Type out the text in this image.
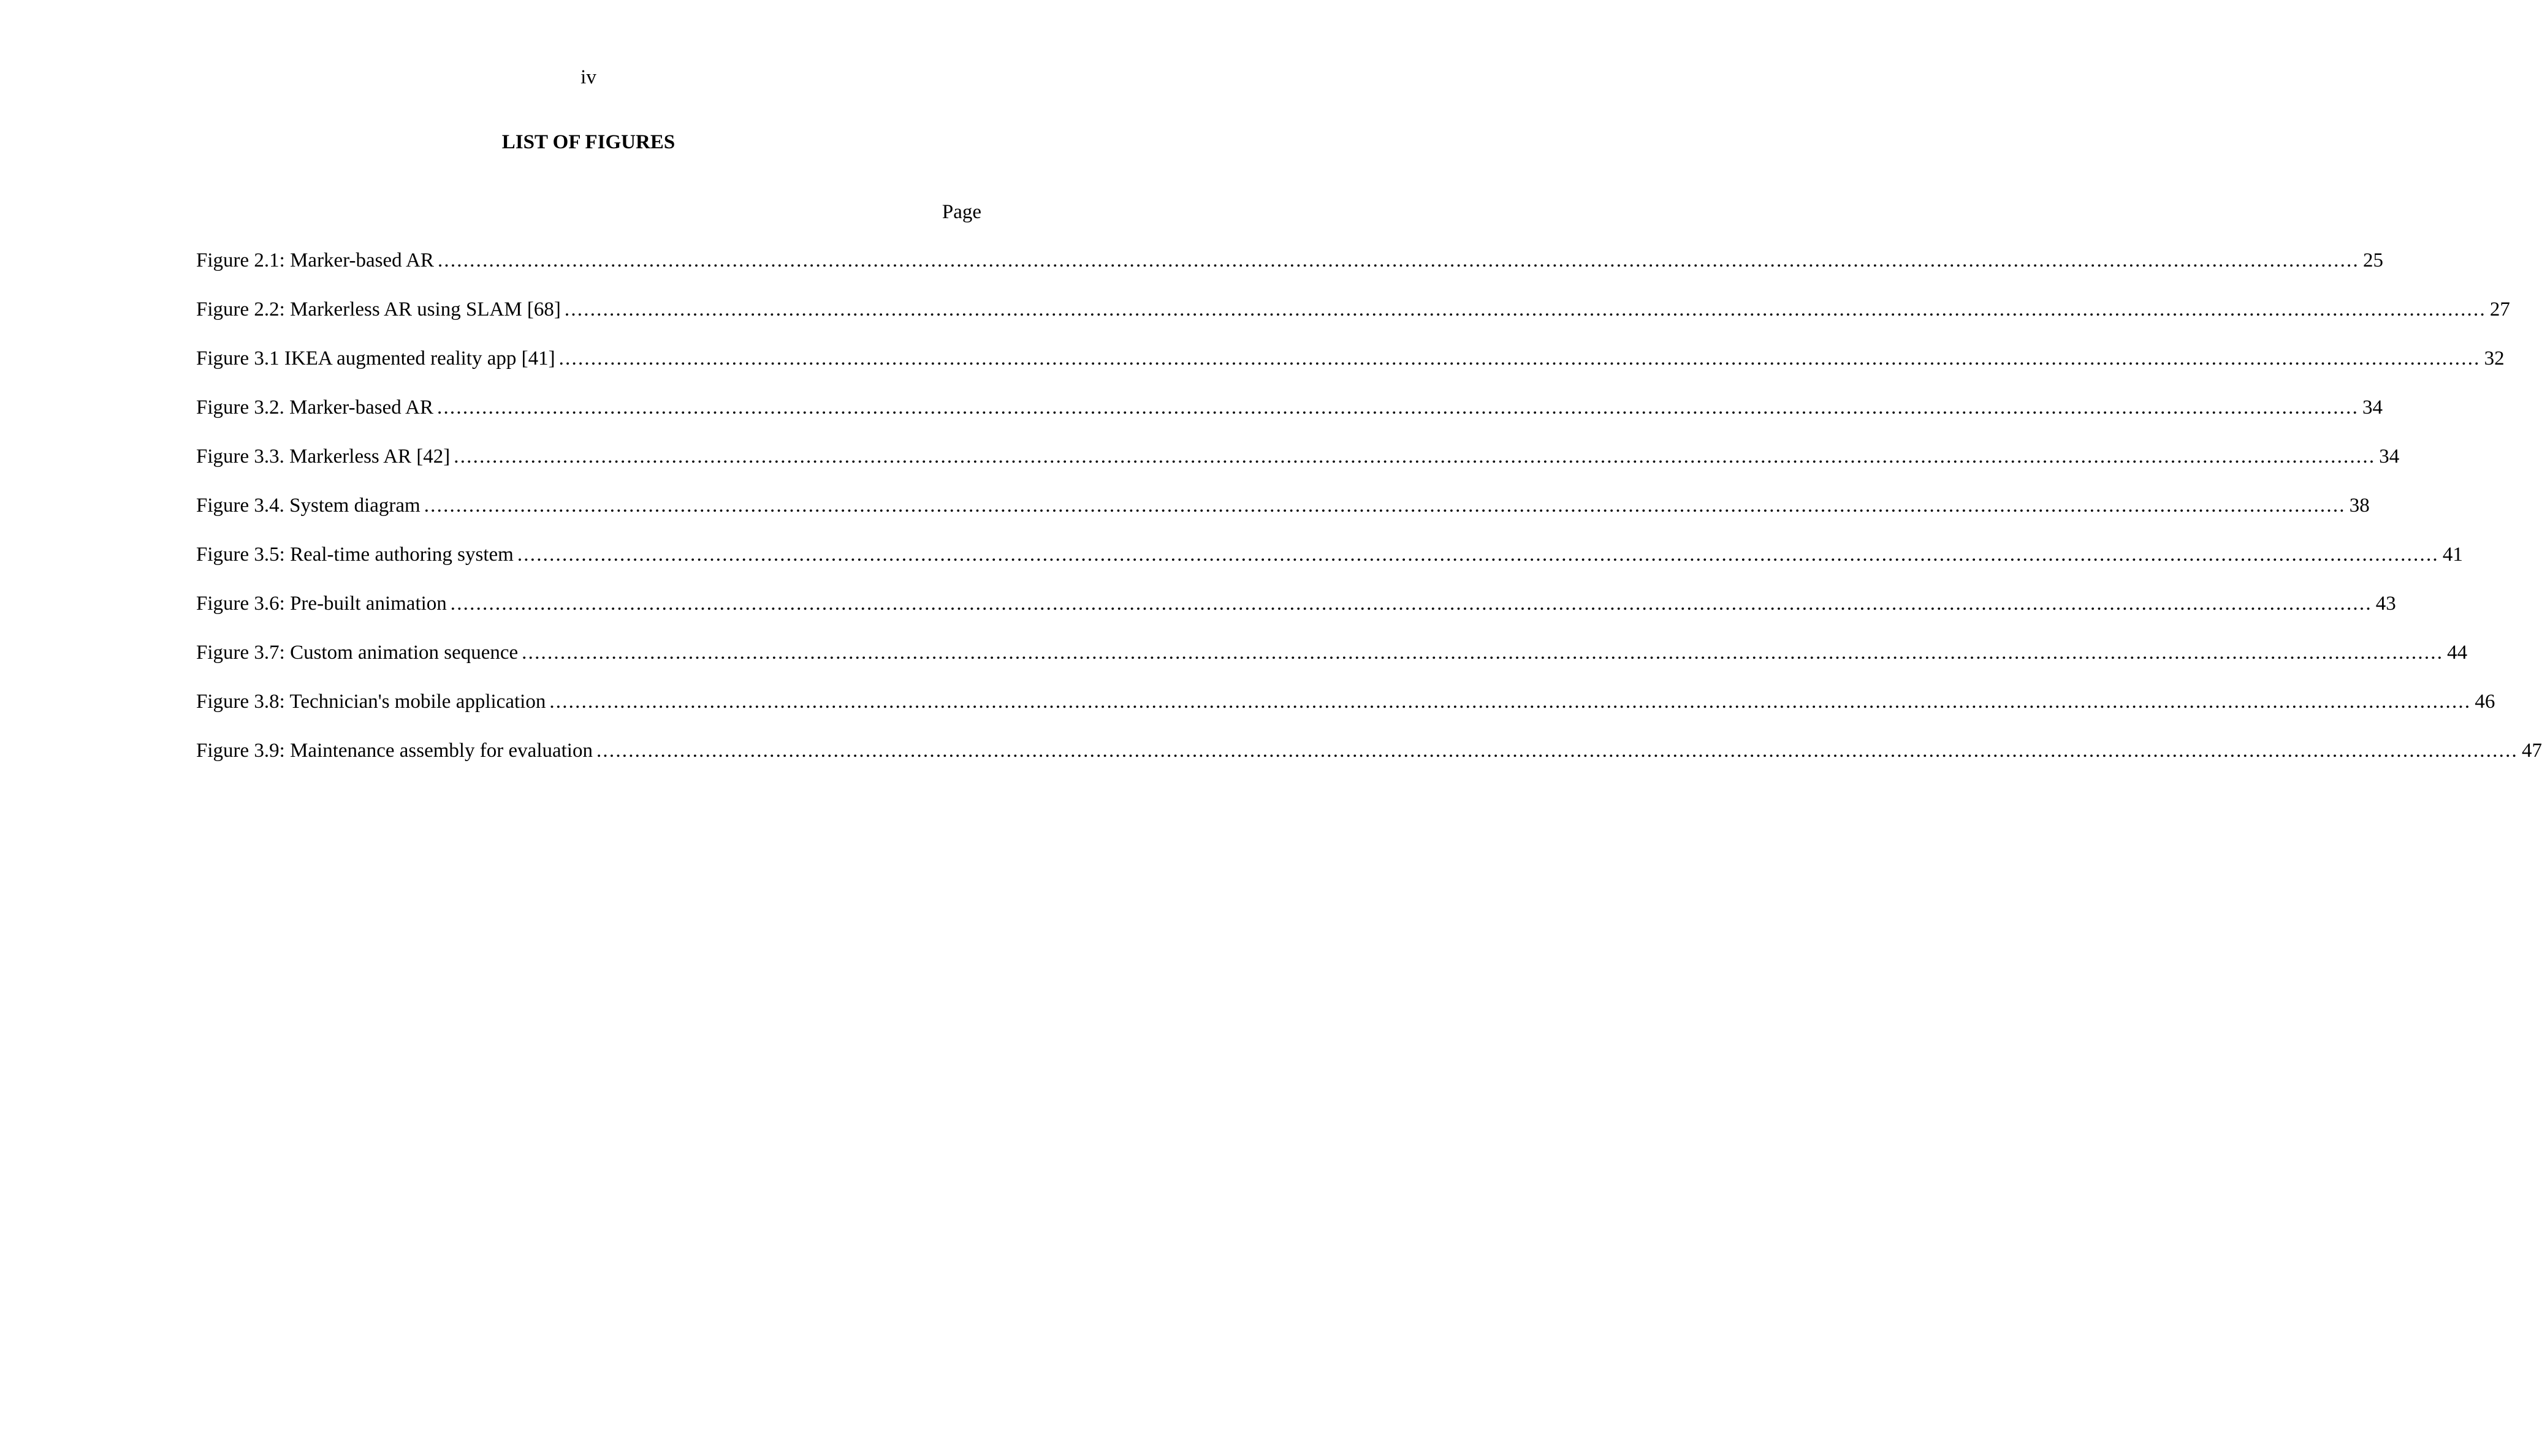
iv
LIST OF FIGURES
Page
Figure 2.1: Marker-based AR ............................................................................................................................................................................................................................................................................................................ 25
Figure 2.2: Markerless AR using SLAM [68] ............................................................................................................................................................................................................................................................................................................ 27
Figure 3.1 IKEA augmented reality app [41] ............................................................................................................................................................................................................................................................................................................ 32
Figure 3.2. Marker-based AR ............................................................................................................................................................................................................................................................................................................ 34
Figure 3.3. Markerless AR [42] ............................................................................................................................................................................................................................................................................................................ 34
Figure 3.4. System diagram ............................................................................................................................................................................................................................................................................................................ 38
Figure 3.5: Real-time authoring system ............................................................................................................................................................................................................................................................................................................ 41
Figure 3.6: Pre-built animation ............................................................................................................................................................................................................................................................................................................ 43
Figure 3.7: Custom animation sequence ............................................................................................................................................................................................................................................................................................................ 44
Figure 3.8: Technician's mobile application ............................................................................................................................................................................................................................................................................................................ 46
Figure 3.9: Maintenance assembly for evaluation ............................................................................................................................................................................................................................................................................................................ 47
